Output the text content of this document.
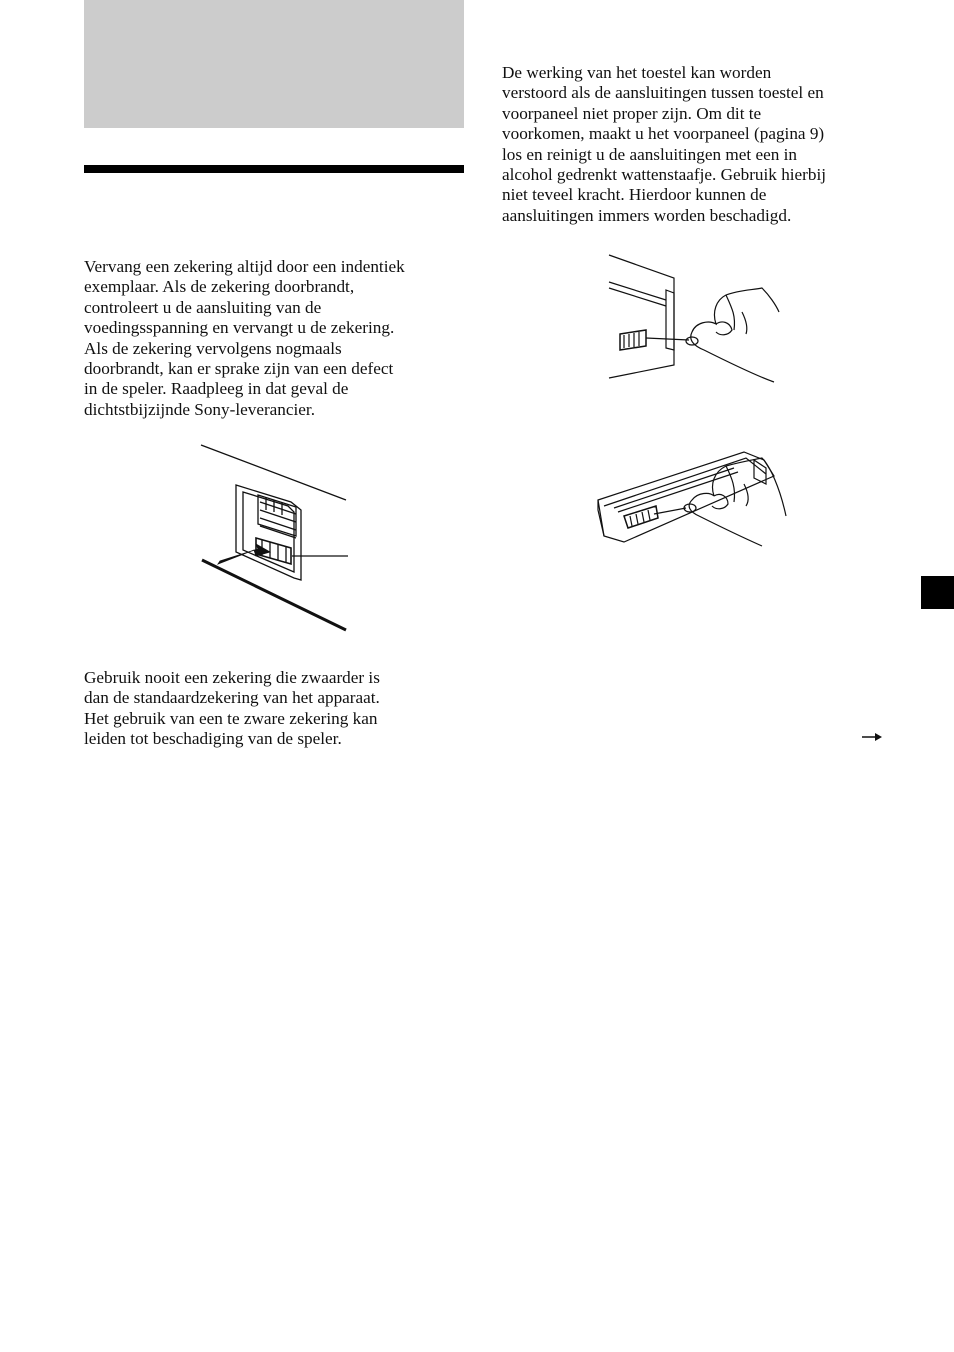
Vervang een zekering altijd door een indentiek
exemplaar. Als de zekering doorbrandt,
controleert u de aansluiting van de
voedingsspanning en vervangt u de zekering.
Als de zekering vervolgens nogmaals
doorbrandt, kan er sprake zijn van een defect
in de speler. Raadpleeg in dat geval de
dichtstbijzijnde Sony-leverancier.

Gebruik nooit een zekering die zwaarder is
dan de standaardzekering van het apparaat.
Het gebruik van een te zware zekering kan
leiden tot beschadiging van de speler.

De werking van het toestel kan worden
verstoord als de aansluitingen tussen toestel en
voorpaneel niet proper zijn. Om dit te
voorkomen, maakt u het voorpaneel (pagina 9)
los en reinigt u de aansluitingen met een in
alcohol gedrenkt wattenstaafje. Gebruik hierbij
niet teveel kracht. Hierdoor kunnen de
aansluitingen immers worden beschadigd.
